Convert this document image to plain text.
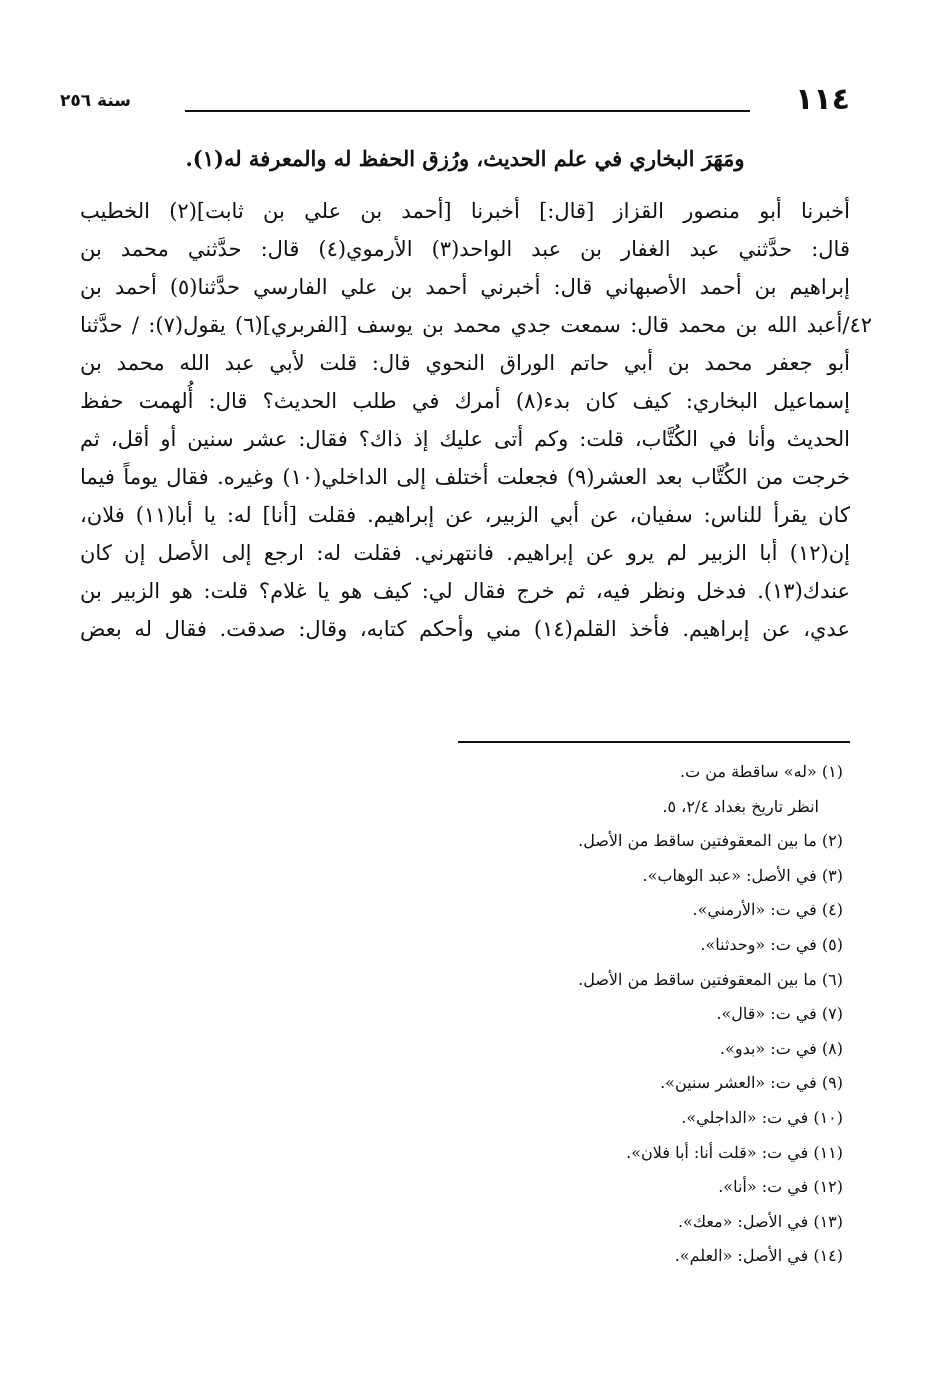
١١٤
سنة ٢٥٦
ومَهَرَ البخاري في علم الحديث، ورُزق الحفظ له والمعرفة له(١).
أخبرنا أبو منصور القزاز [قال:] أخبرنا [أحمد بن علي بن ثابت](٢) الخطيب
قال: حدَّثني عبد الغفار بن عبد الواحد(٣) الأرموي(٤) قال: حدَّثني محمد بن
إبراهيم بن أحمد الأصبهاني قال: أخبرني أحمد بن علي الفارسي حدَّثنا(٥) أحمد بن
٤٢/أعبد الله بن محمد قال: سمعت جدي محمد بن يوسف [الفربري](٦) يقول(٧): / حدَّثنا
أبو جعفر محمد بن أبي حاتم الوراق النحوي قال: قلت لأبي عبد الله محمد بن
إسماعيل البخاري: كيف كان بدء(٨) أمرك في طلب الحديث؟ قال: أُلهمت حفظ
الحديث وأنا في الكُتَّاب، قلت: وكم أتى عليك إذ ذاك؟ فقال: عشر سنين أو أقل، ثم
خرجت من الكُتَّاب بعد العشر(٩) فجعلت أختلف إلى الداخلي(١٠) وغيره. فقال يوماً فيما
كان يقرأ للناس: سفيان، عن أبي الزبير، عن إبراهيم. فقلت [أنا] له: يا أبا(١١) فلان،
إن(١٢) أبا الزبير لم يرو عن إبراهيم. فانتهرني. فقلت له: ارجع إلى الأصل إن كان
عندك(١٣). فدخل ونظر فيه، ثم خرج فقال لي: كيف هو يا غلام؟ قلت: هو الزبير بن
عدي، عن إبراهيم. فأخذ القلم(١٤) مني وأحكم كتابه، وقال: صدقت. فقال له بعض
(١) «له» ساقطة من ت.
انظر تاريخ بغداد ٢/٤، ٥.
(٢) ما بين المعقوفتين ساقط من الأصل.
(٣) في الأصل: «عبد الوهاب».
(٤) في ت: «الأرمني».
(٥) في ت: «وحدثنا».
(٦) ما بين المعقوفتين ساقط من الأصل.
(٧) في ت: «قال».
(٨) في ت: «بدو».
(٩) في ت: «العشر سنين».
(١٠) في ت: «الداجلي».
(١١) في ت: «قلت أنا: أبا فلان».
(١٢) في ت: «أنا».
(١٣) في الأصل: «معك».
(١٤) في الأصل: «العلم».
